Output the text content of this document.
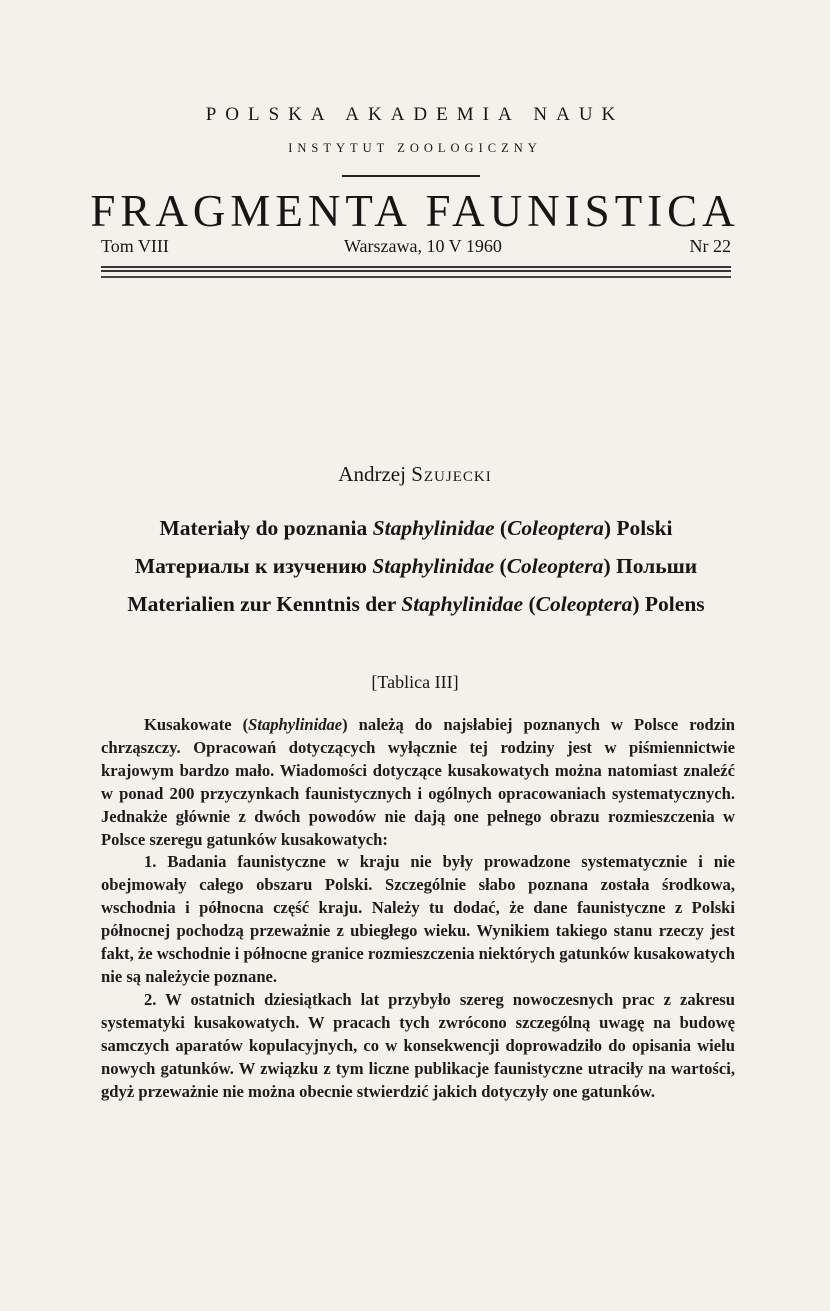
POLSKA AKADEMIA NAUK
INSTYTUT ZOOLOGICZNY
FRAGMENTA FAUNISTICA
Tom VIII	Warszawa, 10 V 1960	Nr 22
Andrzej Szujecki

Materiały do poznania Staphylinidae (Coleoptera) Polski

Материалы к изучению Staphylinidae (Coleoptera) Польши

Materialien zur Kenntnis der Staphylinidae (Coleoptera) Polens

[Tablica III]

Kusakowate (Staphylinidae) należą do najsłabiej poznanych w Polsce rodzin chrząszczy. Opracowań dotyczących wyłącznie tej rodziny jest w piśmiennictwie krajowym bardzo mało. Wiadomości dotyczące kusakowatych można natomiast znaleźć w ponad 200 przyczynkach faunistycznych i ogólnych opracowaniach systematycznych. Jednakże głównie z dwóch powodów nie dają one pełnego obrazu rozmieszczenia w Polsce szeregu gatunków kusakowatych:

1. Badania faunistyczne w kraju nie były prowadzone systematycznie i nie obejmowały całego obszaru Polski. Szczególnie słabo poznana została środkowa, wschodnia i północna część kraju. Należy tu dodać, że dane faunistyczne z Polski północnej pochodzą przeważnie z ubiegłego wieku. Wynikiem takiego stanu rzeczy jest fakt, że wschodnie i północne granice rozmieszczenia niektórych gatunków kusakowatych nie są należycie poznane.

2. W ostatnich dziesiątkach lat przybyło szereg nowoczesnych prac z zakresu systematyki kusakowatych. W pracach tych zwrócono szczególną uwagę na budowę samczych aparatów kopulacyjnych, co w konsekwencji doprowadziło do opisania wielu nowych gatunków. W związku z tym liczne publikacje faunistyczne utraciły na wartości, gdyż przeważnie nie można obecnie stwierdzić jakich dotyczyły one gatunków.
